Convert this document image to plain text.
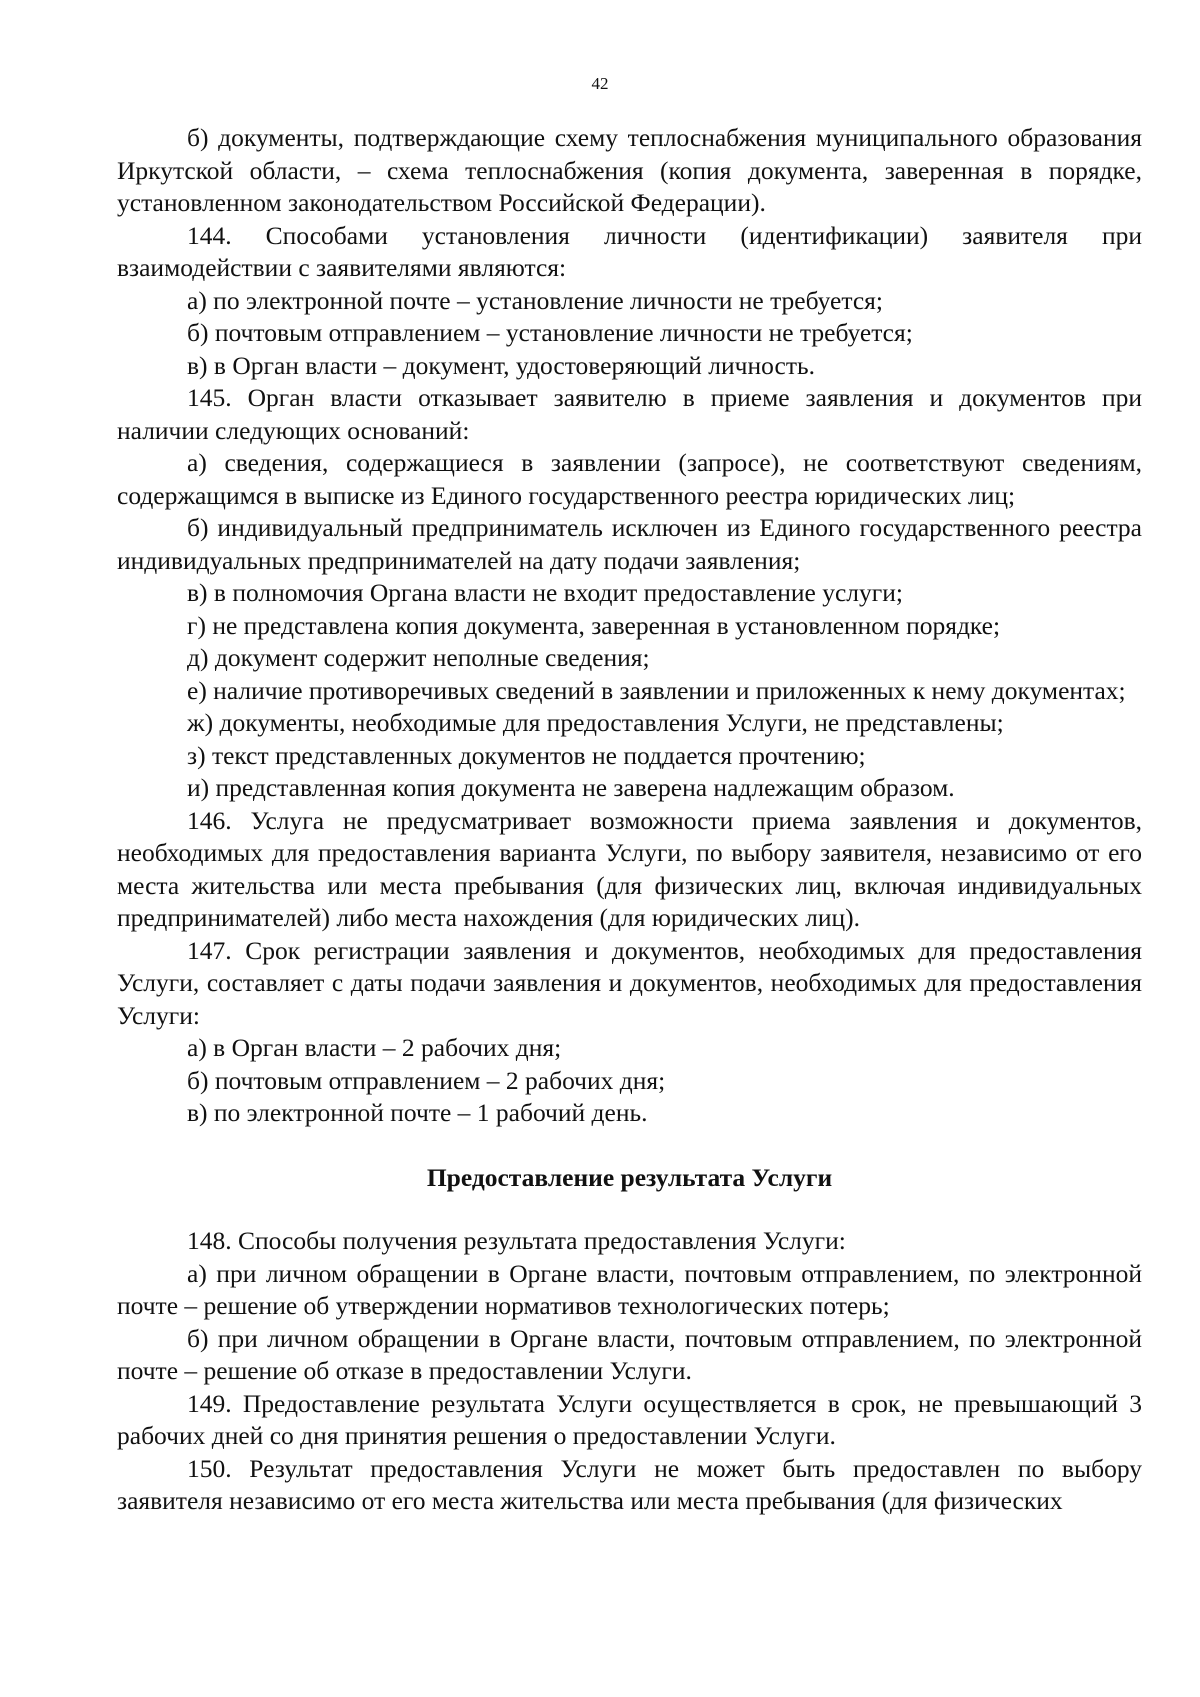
42

б) документы, подтверждающие схему теплоснабжения муниципального образования Иркутской области, – схема теплоснабжения (копия документа, заверенная в порядке, установленном законодательством Российской Федерации).

144. Способами установления личности (идентификации) заявителя при взаимодействии с заявителями являются:

а) по электронной почте – установление личности не требуется;

б) почтовым отправлением – установление личности не требуется;

в) в Орган власти – документ, удостоверяющий личность.

145. Орган власти отказывает заявителю в приеме заявления и документов при наличии следующих оснований:

а) сведения, содержащиеся в заявлении (запросе), не соответствуют сведениям, содержащимся в выписке из Единого государственного реестра юридических лиц;

б) индивидуальный предприниматель исключен из Единого государственного реестра индивидуальных предпринимателей на дату подачи заявления;

в) в полномочия Органа власти не входит предоставление услуги;

г) не представлена копия документа, заверенная в установленном порядке;

д) документ содержит неполные сведения;

е) наличие противоречивых сведений в заявлении и приложенных к нему документах;

ж) документы, необходимые для предоставления Услуги, не представлены;

з) текст представленных документов не поддается прочтению;

и) представленная копия документа не заверена надлежащим образом.

146. Услуга не предусматривает возможности приема заявления и документов, необходимых для предоставления варианта Услуги, по выбору заявителя, независимо от его места жительства или места пребывания (для физических лиц, включая индивидуальных предпринимателей) либо места нахождения (для юридических лиц).

147. Срок регистрации заявления и документов, необходимых для предоставления Услуги, составляет с даты подачи заявления и документов, необходимых для предоставления Услуги:

а) в Орган власти – 2 рабочих дня;

б) почтовым отправлением – 2 рабочих дня;

в) по электронной почте – 1 рабочий день.

Предоставление результата Услуги

148. Способы получения результата предоставления Услуги:

а) при личном обращении в Органе власти, почтовым отправлением, по электронной почте – решение об утверждении нормативов технологических потерь;

б) при личном обращении в Органе власти, почтовым отправлением, по электронной почте – решение об отказе в предоставлении Услуги.

149. Предоставление результата Услуги осуществляется в срок, не превышающий 3 рабочих дней со дня принятия решения о предоставлении Услуги.

150. Результат предоставления Услуги не может быть предоставлен по выбору заявителя независимо от его места жительства или места пребывания (для физических
